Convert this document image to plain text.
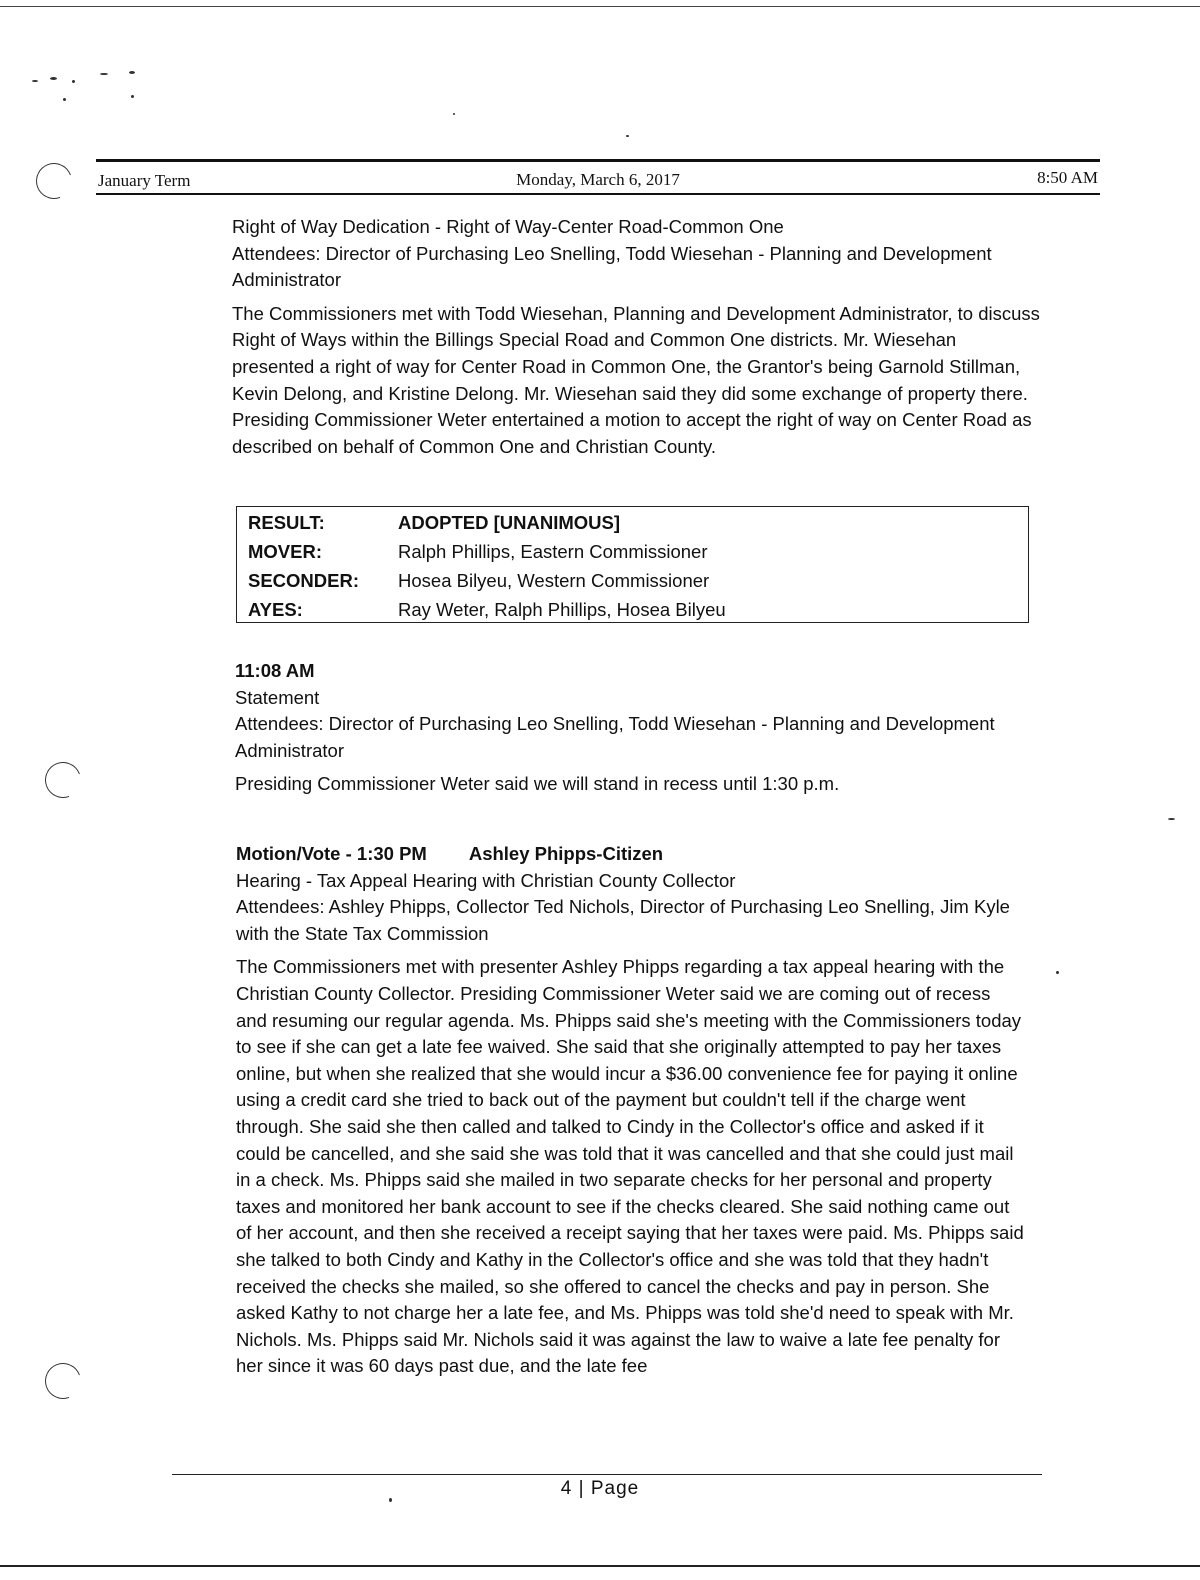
January Term	Monday, March 6, 2017	8:50 AM

Right of Way Dedication - Right of Way-Center Road-Common One

Attendees: Director of Purchasing Leo Snelling, Todd Wiesehan - Planning and Development Administrator

The Commissioners met with Todd Wiesehan, Planning and Development Administrator, to discuss Right of Ways within the Billings Special Road and Common One districts. Mr. Wiesehan presented a right of way for Center Road in Common One, the Grantor's being Garnold Stillman, Kevin Delong, and Kristine Delong. Mr. Wiesehan said they did some exchange of property there. Presiding Commissioner Weter entertained a motion to accept the right of way on Center Road as described on behalf of Common One and Christian County.

RESULT:	ADOPTED [UNANIMOUS]
MOVER:	Ralph Phillips, Eastern Commissioner
SECONDER: Hosea Bilyeu, Western Commissioner
AYES:	Ray Weter, Ralph Phillips, Hosea Bilyeu

11:08 AM

Statement

Attendees: Director of Purchasing Leo Snelling, Todd Wiesehan - Planning and Development Administrator

Presiding Commissioner Weter said we will stand in recess until 1:30 p.m.

Motion/Vote - 1:30 PM Ashley Phipps-Citizen

Hearing - Tax Appeal Hearing with Christian County Collector

Attendees: Ashley Phipps, Collector Ted Nichols, Director of Purchasing Leo Snelling, Jim Kyle with the State Tax Commission

The Commissioners met with presenter Ashley Phipps regarding a tax appeal hearing with the Christian County Collector. Presiding Commissioner Weter said we are coming out of recess and resuming our regular agenda. Ms. Phipps said she's meeting with the Commissioners today to see if she can get a late fee waived. She said that she originally attempted to pay her taxes online, but when she realized that she would incur a $36.00 convenience fee for paying it online using a credit card she tried to back out of the payment but couldn't tell if the charge went through. She said she then called and talked to Cindy in the Collector's office and asked if it could be cancelled, and she said she was told that it was cancelled and that she could just mail in a check. Ms. Phipps said she mailed in two separate checks for her personal and property taxes and monitored her bank account to see if the checks cleared. She said nothing came out of her account, and then she received a receipt saying that her taxes were paid. Ms. Phipps said she talked to both Cindy and Kathy in the Collector's office and she was told that they hadn't received the checks she mailed, so she offered to cancel the checks and pay in person. She asked Kathy to not charge her a late fee, and Ms. Phipps was told she'd need to speak with Mr. Nichols. Ms. Phipps said Mr. Nichols said it was against the law to waive a late fee penalty for her since it was 60 days past due, and the late fee

4 | Page
